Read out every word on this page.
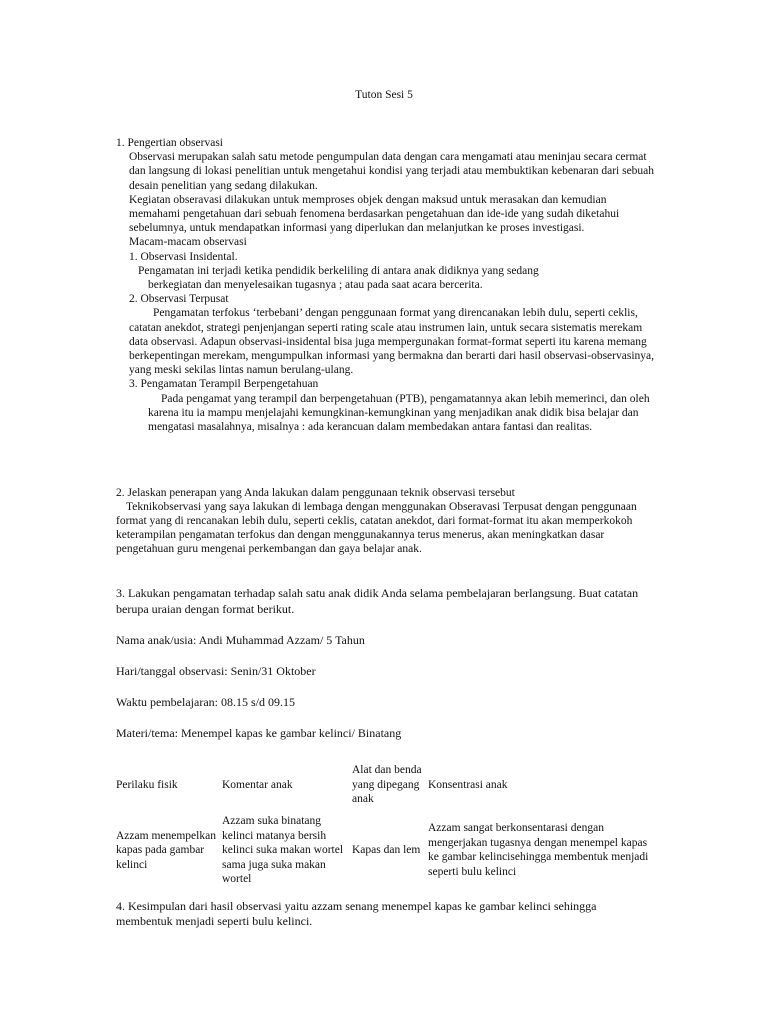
Tuton Sesi 5

1. Pengertian observasi

Observasi merupakan salah satu metode pengumpulan data dengan cara mengamati atau meninjau secara cermat dan langsung di lokasi penelitian untuk mengetahui kondisi yang terjadi atau membuktikan kebenaran dari sebuah desain penelitian yang sedang dilakukan.

Kegiatan obseravasi dilakukan untuk memproses objek dengan maksud untuk merasakan dan kemudian memahami pengetahuan dari sebuah fenomena berdasarkan pengetahuan dan ide-ide yang sudah diketahui sebelumnya, untuk mendapatkan informasi yang diperlukan dan melanjutkan ke proses investigasi.

Macam-macam observasi

1. Observasi Insidental.

Pengamatan ini terjadi ketika pendidik berkeliling di antara anak didiknya yang sedang

berkegiatan dan menyelesaikan tugasnya ; atau pada saat acara bercerita.

2. Observasi Terpusat

Pengamatan terfokus ‘terbebani’ dengan penggunaan format yang direncanakan lebih dulu, seperti ceklis, catatan anekdot, strategi penjenjangan seperti rating scale atau instrumen lain, untuk secara sistematis merekam data observasi. Adapun observasi-insidental bisa juga mempergunakan format-format seperti itu karena memang berkepentingan merekam, mengumpulkan informasi yang bermakna dan berarti dari hasil observasi-observasinya, yang meski sekilas lintas namun berulang-ulang.

3. Pengamatan Terampil Berpengetahuan

Pada pengamat yang terampil dan berpengetahuan (PTB), pengamatannya akan lebih memerinci, dan oleh karena itu ia mampu menjelajahi kemungkinan-kemungkinan yang menjadikan anak didik bisa belajar dan mengatasi masalahnya, misalnya : ada kerancuan dalam membedakan antara fantasi dan realitas.

2. Jelaskan penerapan yang Anda lakukan dalam penggunaan teknik observasi tersebut

Teknikobservasi yang saya lakukan di lembaga dengan menggunakan Obseravasi Terpusat dengan penggunaan format yang di rencanakan lebih dulu, seperti ceklis, catatan anekdot, dari format-format itu akan memperkokoh keterampilan pengamatan terfokus dan dengan menggunakannya terus menerus, akan meningkatkan dasar pengetahuan guru mengenai perkembangan dan gaya belajar anak.

3. Lakukan pengamatan terhadap salah satu anak didik Anda selama pembelajaran berlangsung. Buat catatan berupa uraian dengan format berikut.
Nama anak/usia: Andi Muhammad Azzam/ 5 Tahun
Hari/tanggal observasi: Senin/31 Oktober
Waktu pembelajaran: 08.15 s/d 09.15
Materi/tema: Menempel kapas ke gambar kelinci/ Binatang
Perilaku fisik	Komentar anak	Alat dan benda yang dipegang anak	Konsentrasi anak
Azzam menempelkan kapas pada gambar kelinci	Azzam suka binatang kelinci matanya bersih kelinci suka makan wortel sama juga suka makan wortel	Kapas dan lem	Azzam sangat berkonsentarasi dengan mengerjakan tugasnya dengan menempel kapas ke gambar kelincisehingga membentuk menjadi seperti bulu kelinci
4. Kesimpulan dari hasil observasi yaitu azzam senang menempel kapas ke gambar kelinci sehingga membentuk menjadi seperti bulu kelinci.
